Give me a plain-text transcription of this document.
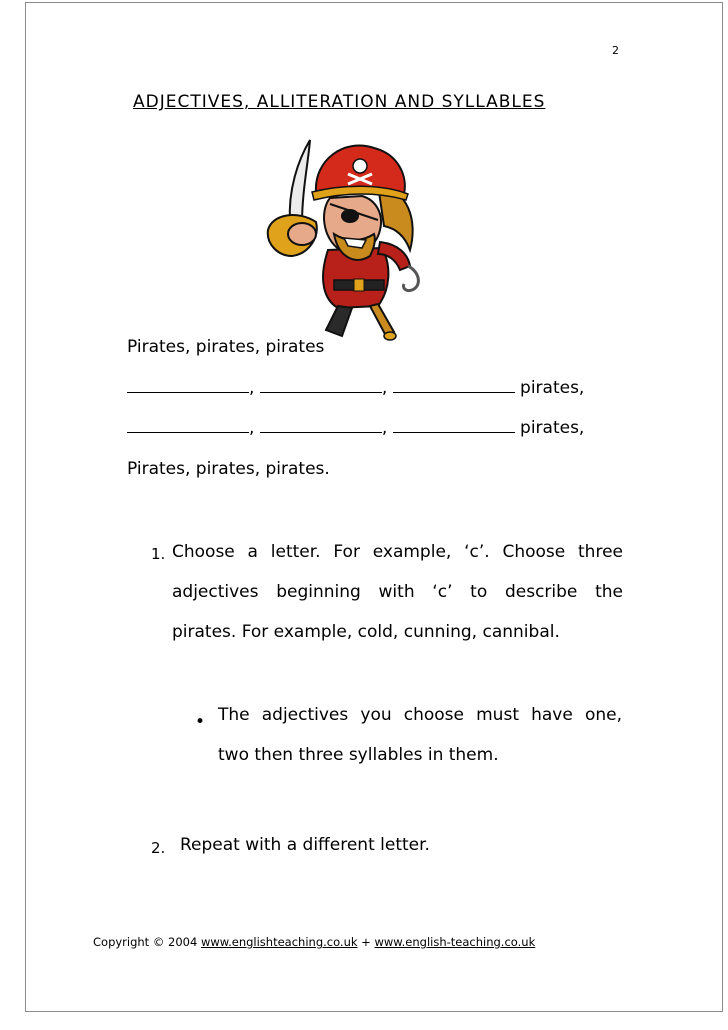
2
ADJECTIVES, ALLITERATION AND SYLLABLES
Pirates, pirates, pirates
,	,	pirates,
,	,	pirates,
Pirates, pirates, pirates.
1. Choose a letter. For example, ‘c’. Choose three
adjectives beginning with ‘c’ to describe the
pirates. For example, cold, cunning, cannibal.
• The adjectives you choose must have one,
two then three syllables in them.
2. Repeat with a different letter.
Copyright © 2004 www.englishteaching.co.uk + www.english-teaching.co.uk
